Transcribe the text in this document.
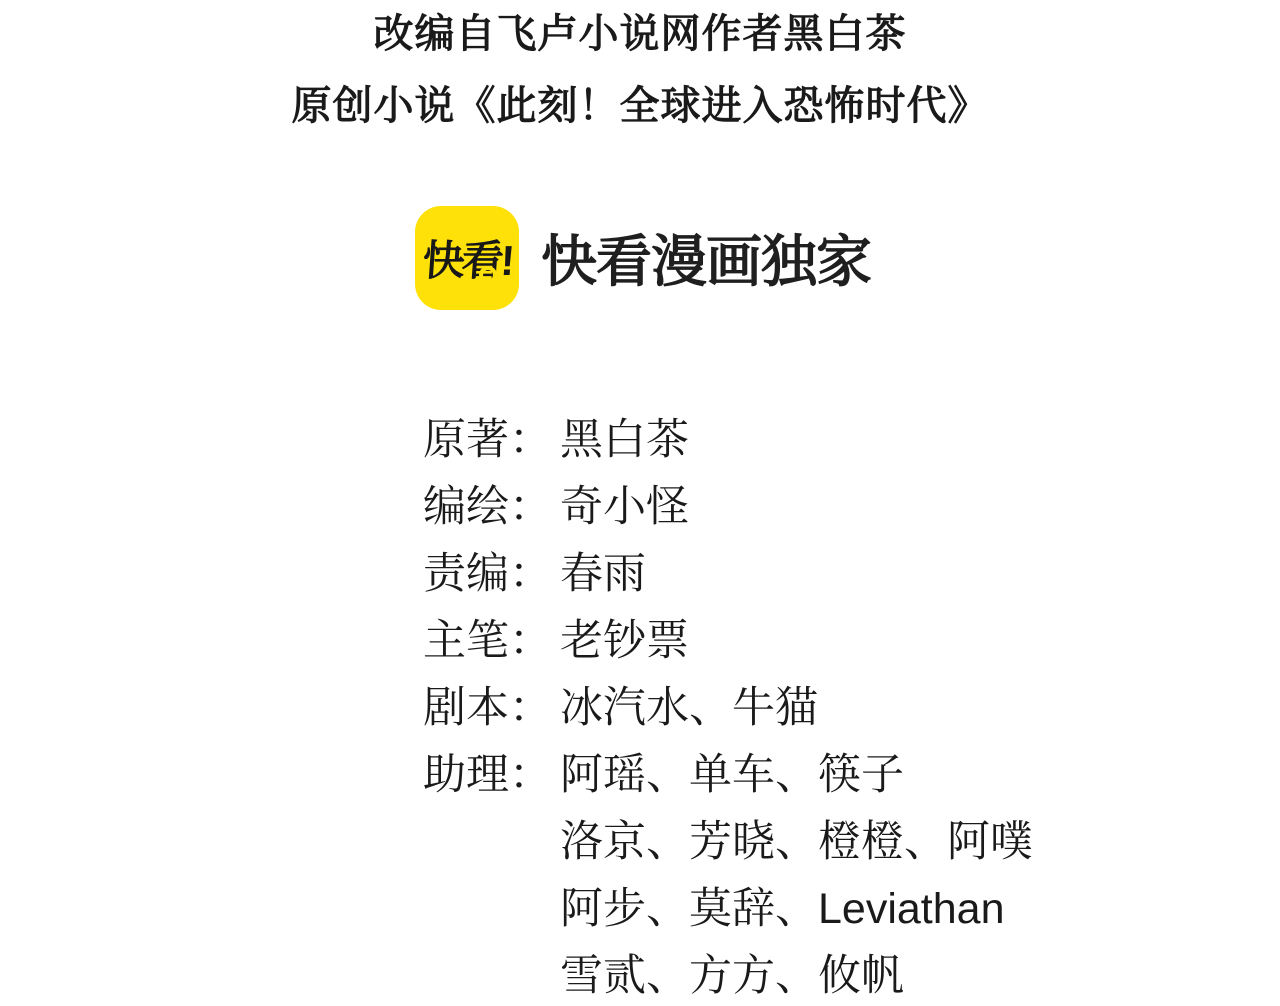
改编自飞卢小说网作者黑白茶
原创小说《此刻！全球进入恐怖时代》
快看! 快看漫画独家
原著： 黑白茶
编绘： 奇小怪
责编： 春雨
主笔： 老钞票
剧本： 冰汽水、牛猫
助理： 阿瑶、单车、筷子
洛京、芳晓、橙橙、阿噗
阿步、莫辞、Leviathan
雪贰、方方、攸帆
